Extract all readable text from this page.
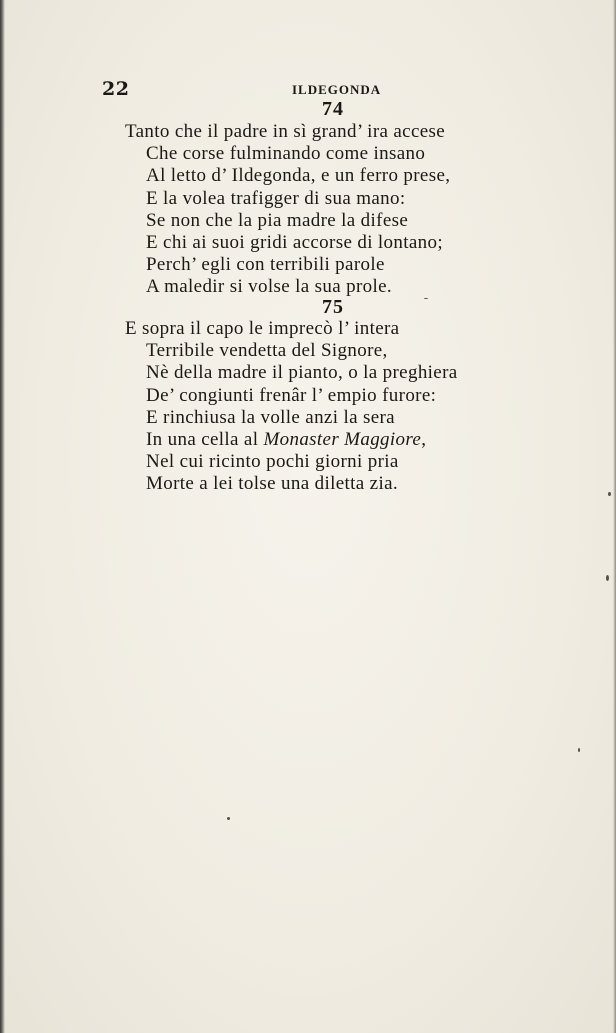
22	ILDEGONDA
74
Tanto che il padre in sì grand’ ira accese
Che corse fulminando come insano
Al letto d’ Ildegonda, e un ferro prese,
E la volea trafigger di sua mano:
Se non che la pia madre la difese
E chi ai suoi gridi accorse di lontano;
Perch’ egli con terribili parole
A maledir si volse la sua prole.
75
E sopra il capo le imprecò l’ intera
Terribile vendetta del Signore,
Nè della madre il pianto, o la preghiera
De’ congiunti frenâr l’ empio furore:
E rinchiusa la volle anzi la sera
In una cella al Monaster Maggiore,
Nel cui ricinto pochi giorni pria
Morte a lei tolse una diletta zia.
